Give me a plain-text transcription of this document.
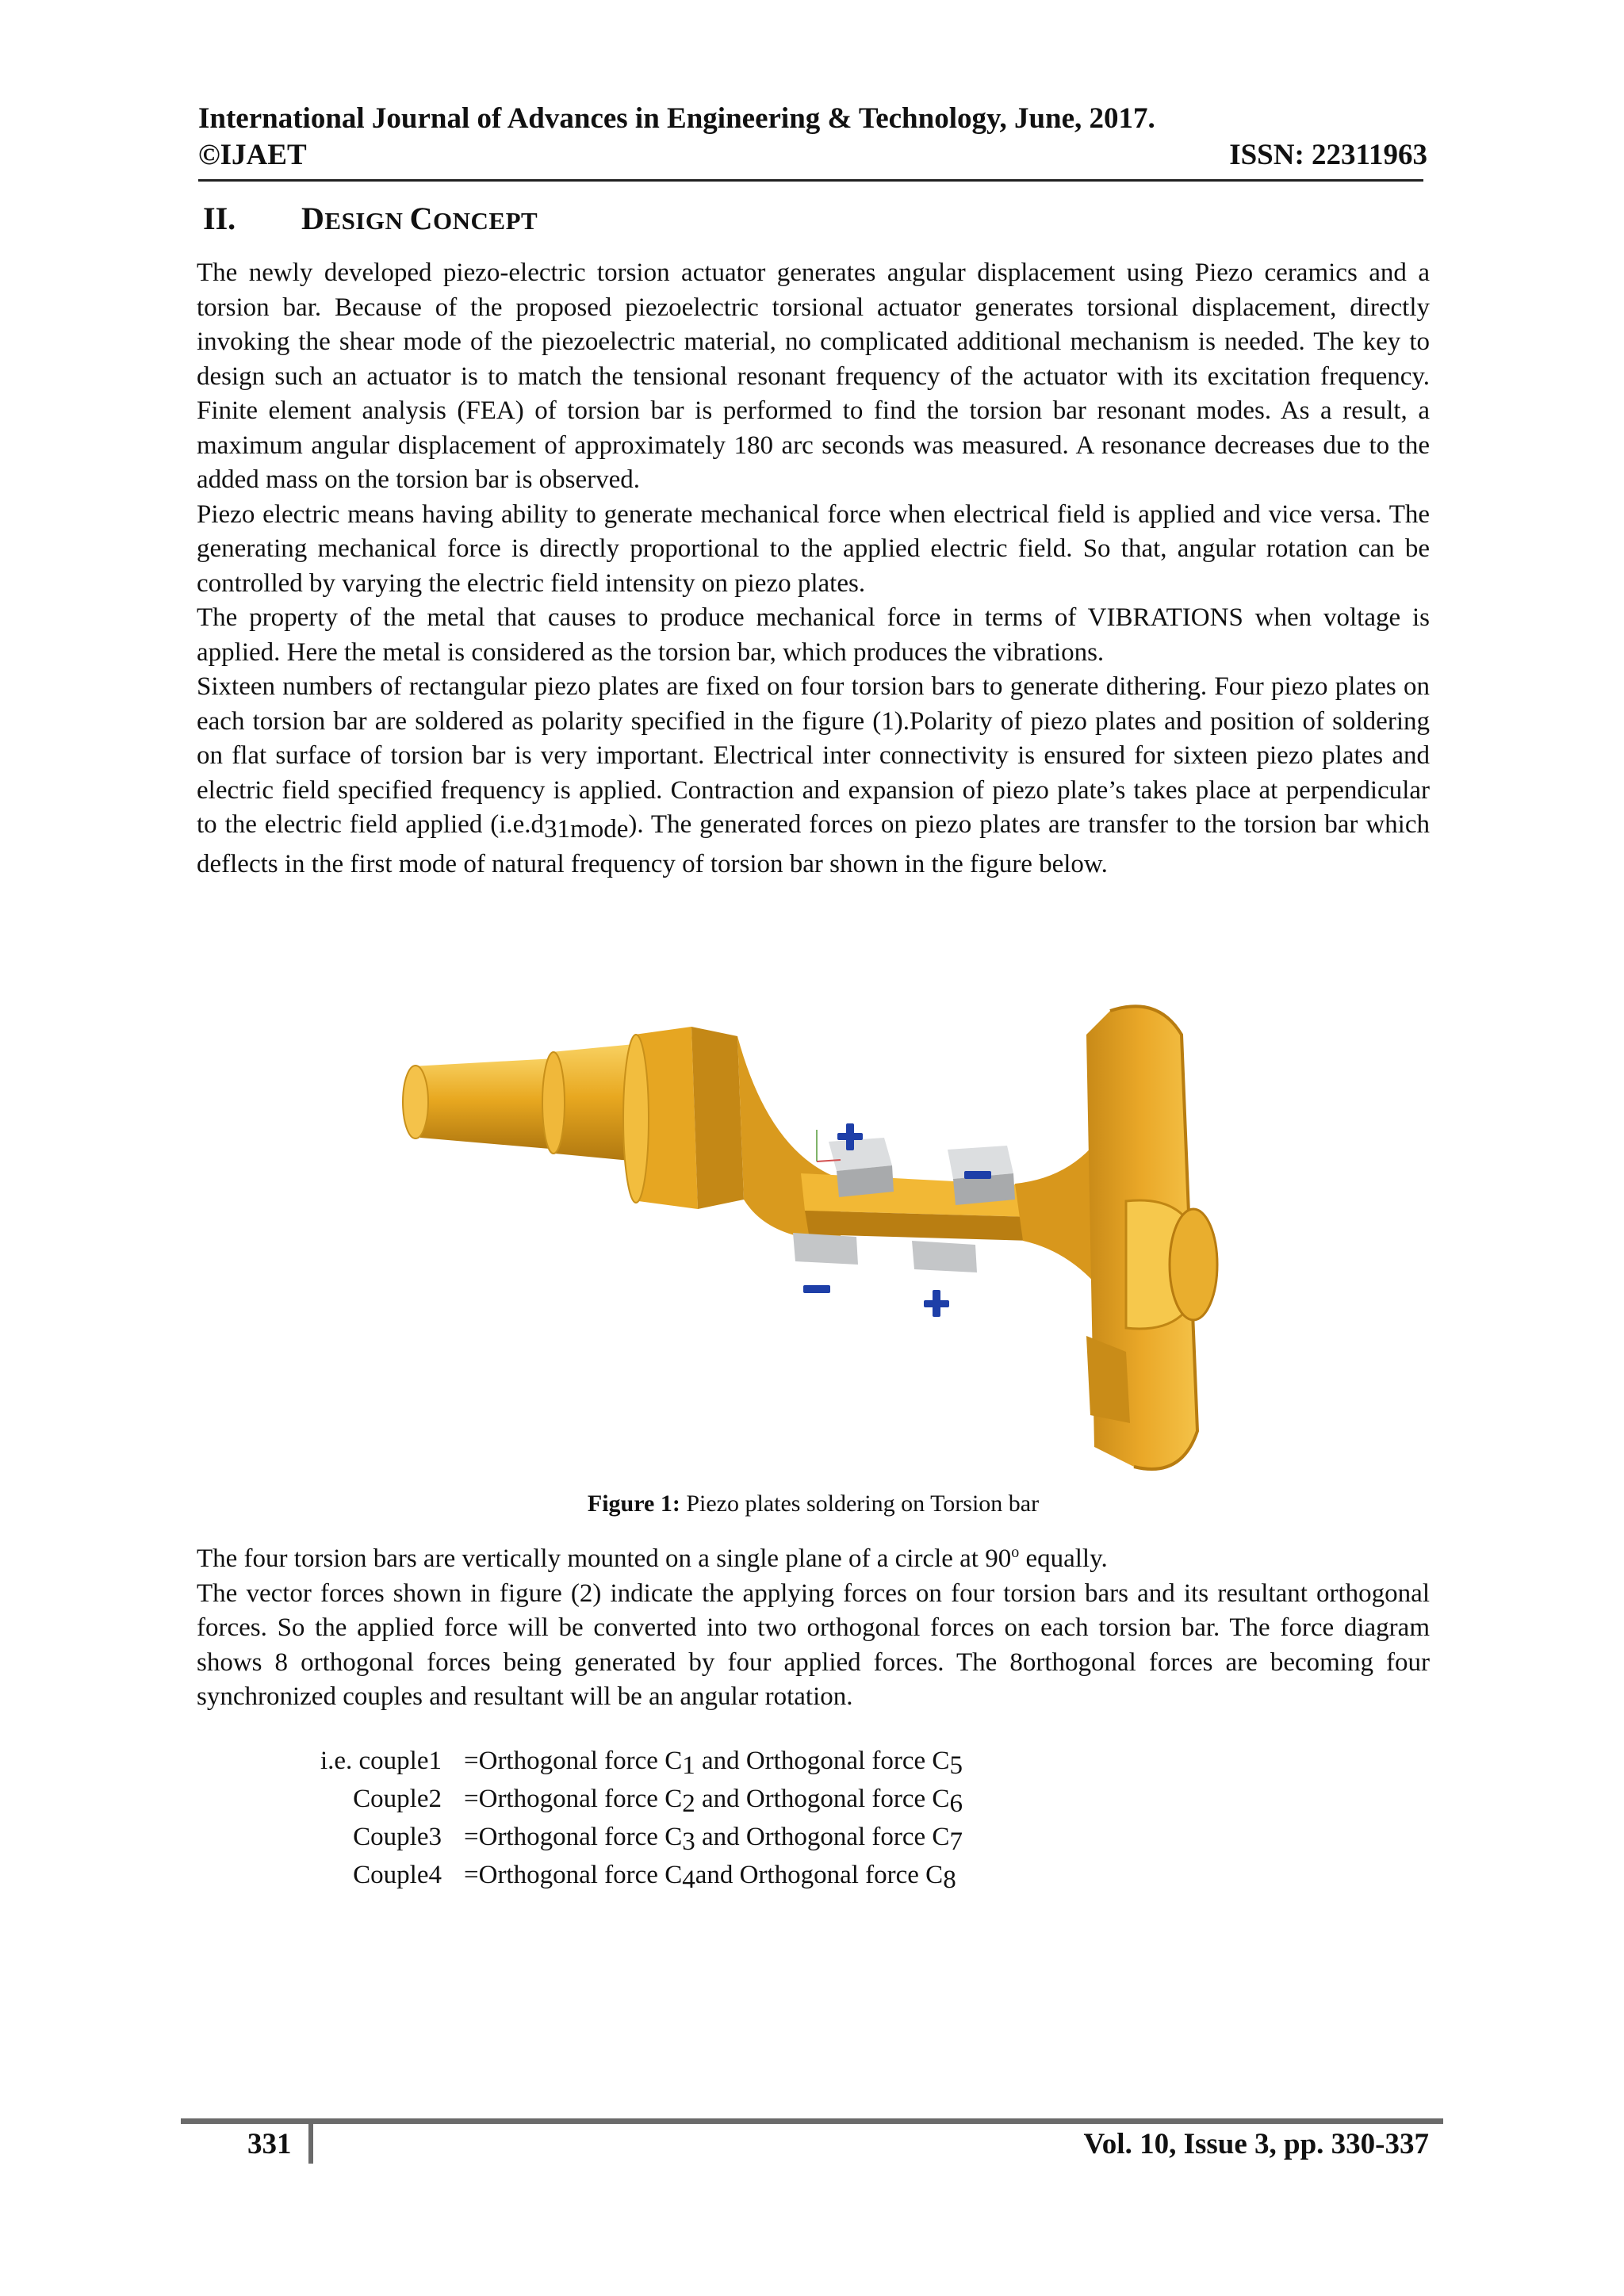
International Journal of Advances in Engineering & Technology, June, 2017.
©IJAET	ISSN: 22311963
II. DESIGN CONCEPT

The newly developed piezo-electric torsion actuator generates angular displacement using Piezo ceramics and a torsion bar. Because of the proposed piezoelectric torsional actuator generates torsional displacement, directly invoking the shear mode of the piezoelectric material, no complicated additional mechanism is needed. The key to design such an actuator is to match the tensional resonant frequency of the actuator with its excitation frequency. Finite element analysis (FEA) of torsion bar is performed to find the torsion bar resonant modes. As a result, a maximum angular displacement of approximately 180 arc seconds was measured. A resonance decreases due to the added mass on the torsion bar is observed.

Piezo electric means having ability to generate mechanical force when electrical field is applied and vice versa. The generating mechanical force is directly proportional to the applied electric field. So that, angular rotation can be controlled by varying the electric field intensity on piezo plates.

The property of the metal that causes to produce mechanical force in terms of VIBRATIONS when voltage is applied. Here the metal is considered as the torsion bar, which produces the vibrations.

Sixteen numbers of rectangular piezo plates are fixed on four torsion bars to generate dithering. Four piezo plates on each torsion bar are soldered as polarity specified in the figure (1).Polarity of piezo plates and position of soldering on flat surface of torsion bar is very important. Electrical inter connectivity is ensured for sixteen piezo plates and electric field specified frequency is applied. Contraction and expansion of piezo plate’s takes place at perpendicular to the electric field applied $(i.e.d_{31mode})$. The generated forces on piezo plates are transfer to the torsion bar which deflects in the first mode of natural frequency of torsion bar shown in the figure below.

Figure 1: Piezo plates soldering on Torsion bar

The four torsion bars are vertically mounted on a single plane of a circle at 90$^o$ equally.

The vector forces shown in figure (2) indicate the applying forces on four torsion bars and its resultant orthogonal forces. So the applied force will be converted into two orthogonal forces on each torsion bar. The force diagram shows 8 orthogonal forces being generated by four applied forces. The 8orthogonal forces are becoming four synchronized couples and resultant will be an angular rotation.

i.e. couple1 =Orthogonal force $C_1$ and Orthogonal force $C_5$
Couple2 =Orthogonal force $C_2$ and Orthogonal force $C_6$
Couple3 =Orthogonal force $C_3$ and Orthogonal force $C_7$
Couple4 =Orthogonal force $C_4and$ Orthogonal force $C_8$
331	Vol. 10, Issue 3, pp. 330-337
